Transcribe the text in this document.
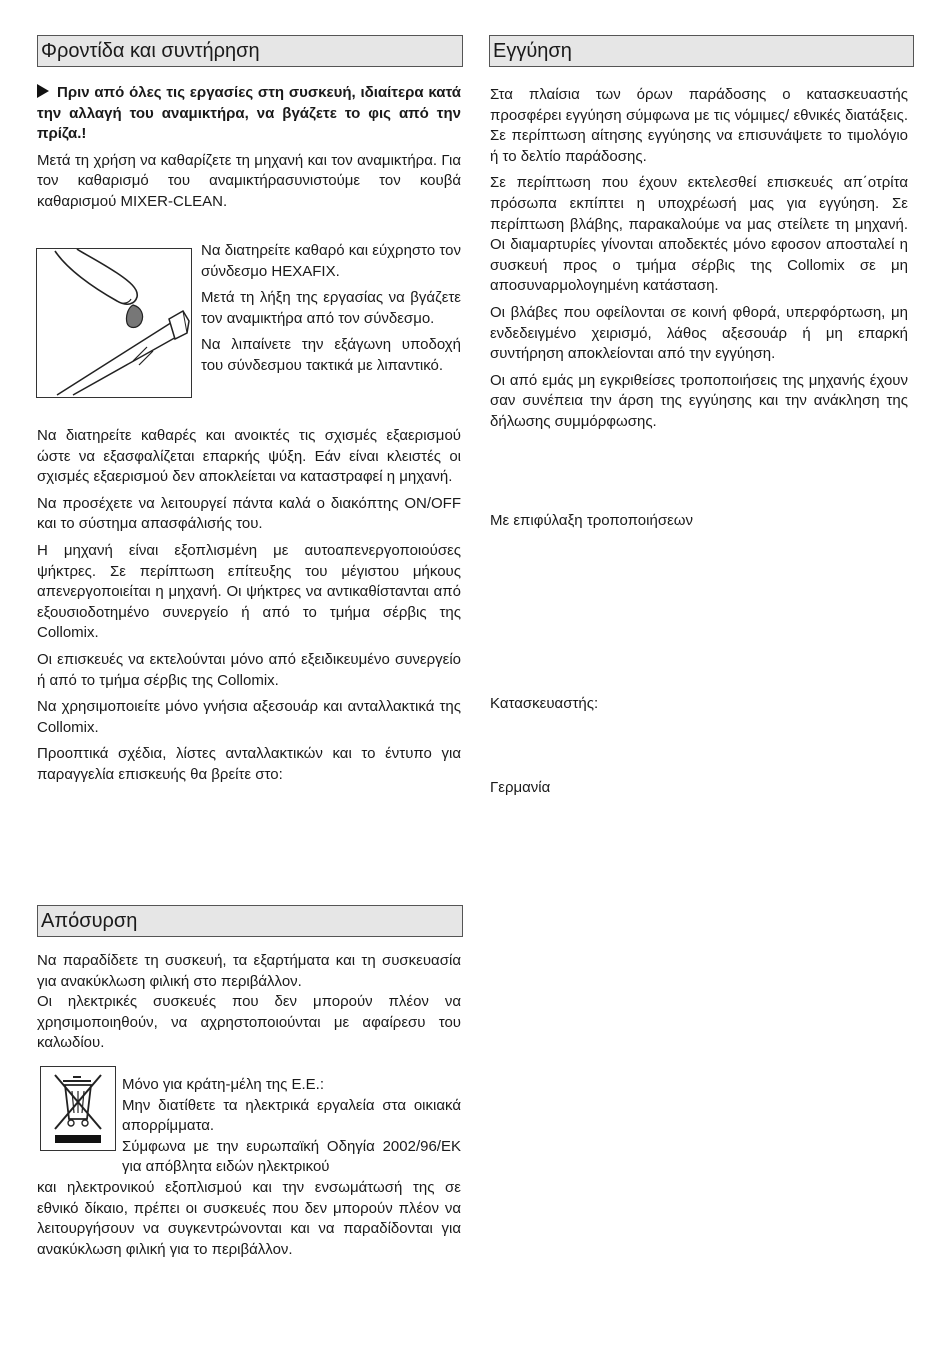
Φροντίδα και συντήρηση

Πριν από όλες τις εργασίες στη συσκευή, ιδιαίτερα κατά την αλλαγή του αναμικτήρα, να βγάζετε το φις από την πρίζα.!

Μετά τη χρήση να καθαρίζετε τη μηχανή και τον αναμικτήρα. Για τον καθαρισμό του αναμικτήρασυνιστούμε τον κουβά καθαρισμού MIXER-CLEAN.

Να διατηρείτε καθαρό και εύχρηστο τον σύνδεσμο HEXAFIX.

Μετά τη λήξη της εργασίας να βγάζετε τον αναμικτήρα από τον σύνδεσμο.

Να λιπαίνετε την εξάγωνη υποδοχή του σύνδεσμου τακτικά με λιπαντικό.

Να διατηρείτε καθαρές και ανοικτές τις σχισμές εξαερισμού ώστε να εξασφαλίζεται επαρκής ψύξη. Εάν είναι κλειστές οι σχισμές εξαερισμού δεν αποκλείεται να καταστραφεί η μηχανή.

Να προσέχετε να λειτουργεί πάντα καλά ο διακόπτης ON/OFF και το σύστημα απασφάλισής του.

Η μηχανή είναι εξοπλισμένη με αυτοαπενεργοποιούσες ψήκτρες. Σε περίπτωση επίτευξης του μέγιστου μήκους απενεργοποιείται η μηχανή. Οι ψήκτρες να αντικαθίστανται από εξουσιοδοτημένο συνεργείο ή από το τμήμα σέρβις της Collomix.

Οι επισκευές να εκτελούνται μόνο από εξειδικευμένο συνεργείο ή από το τμήμα σέρβις της Collomix.

Να χρησιμοποιείτε μόνο γνήσια αξεσουάρ και ανταλλακτικά της Collomix.

Προοπτικά σχέδια, λίστες ανταλλακτικών και το έντυπο για παραγγελία επισκευής θα βρείτε στο:

Απόσυρση

Να παραδίδετε τη συσκευή, τα εξαρτήματα και τη συσκευασία για ανακύκλωση φιλική στο περιβάλλον.

Οι ηλεκτρικές συσκευές που δεν μπορούν πλέον να χρησιμοποιηθούν, να αχρηστοποιούνται με αφαίρεσυ του καλωδίου.

Μόνο για κράτη-μέλη της Ε.Ε.:

Μην διατίθετε τα ηλεκτρικά εργαλεία στα οικιακά απορρίμματα.

Σύμφωνα με την ευρωπαϊκή Οδηγία 2002/96/ΕΚ για απόβλητα ειδών ηλεκτρικού

και ηλεκτρονικού εξοπλισμού και την ενσωμάτωσή της σε εθνικό δίκαιο, πρέπει οι συσκευές που δεν μπορούν πλέον να λειτουργήσουν να συγκεντρώνονται και να παραδίδονται για ανακύκλωση φιλική για το περιβάλλον.

Εγγύηση

Στα πλαίσια των όρων παράδοσης ο κατασκευαστής προσφέρει εγγύηση σύμφωνα με τις νόμιμες/ εθνικές διατάξεις. Σε περίπτωση αίτησης εγγύησης να επισυνάψετε το τιμολόγιο ή το δελτίο παράδοσης.

Σε περίπτωση που έχουν εκτελεσθεί επισκευές απ΄οτρίτα πρόσωπα εκπίπτει η υποχρέωσή μας για εγγύηση. Σε περίπτωση βλάβης, παρακαλούμε να μας στείλετε τη μηχανή. Οι διαμαρτυρίες γίνονται αποδεκτές μόνο εφοσον αποσταλεί η συσκευή προς ο τμήμα σέρβις της Collomix σε μη αποσυναρμολογημένη κατάσταση.

Οι βλάβες που οφείλονται σε κοινή φθορά, υπερφόρτωση, μη ενδεδειγμένο χειρισμό, λάθος αξεσουάρ ή μη επαρκή συντήρηση αποκλείονται από την εγγύηση.

Οι από εμάς μη εγκριθείσες τροποποιήσεις της μηχανής έχουν σαν συνέπεια την άρση της εγγύησης και την ανάκληση της δήλωσης συμμόρφωσης.

Με επιφύλαξη τροποποιήσεων

Κατασκευαστής:

Γερμανία
